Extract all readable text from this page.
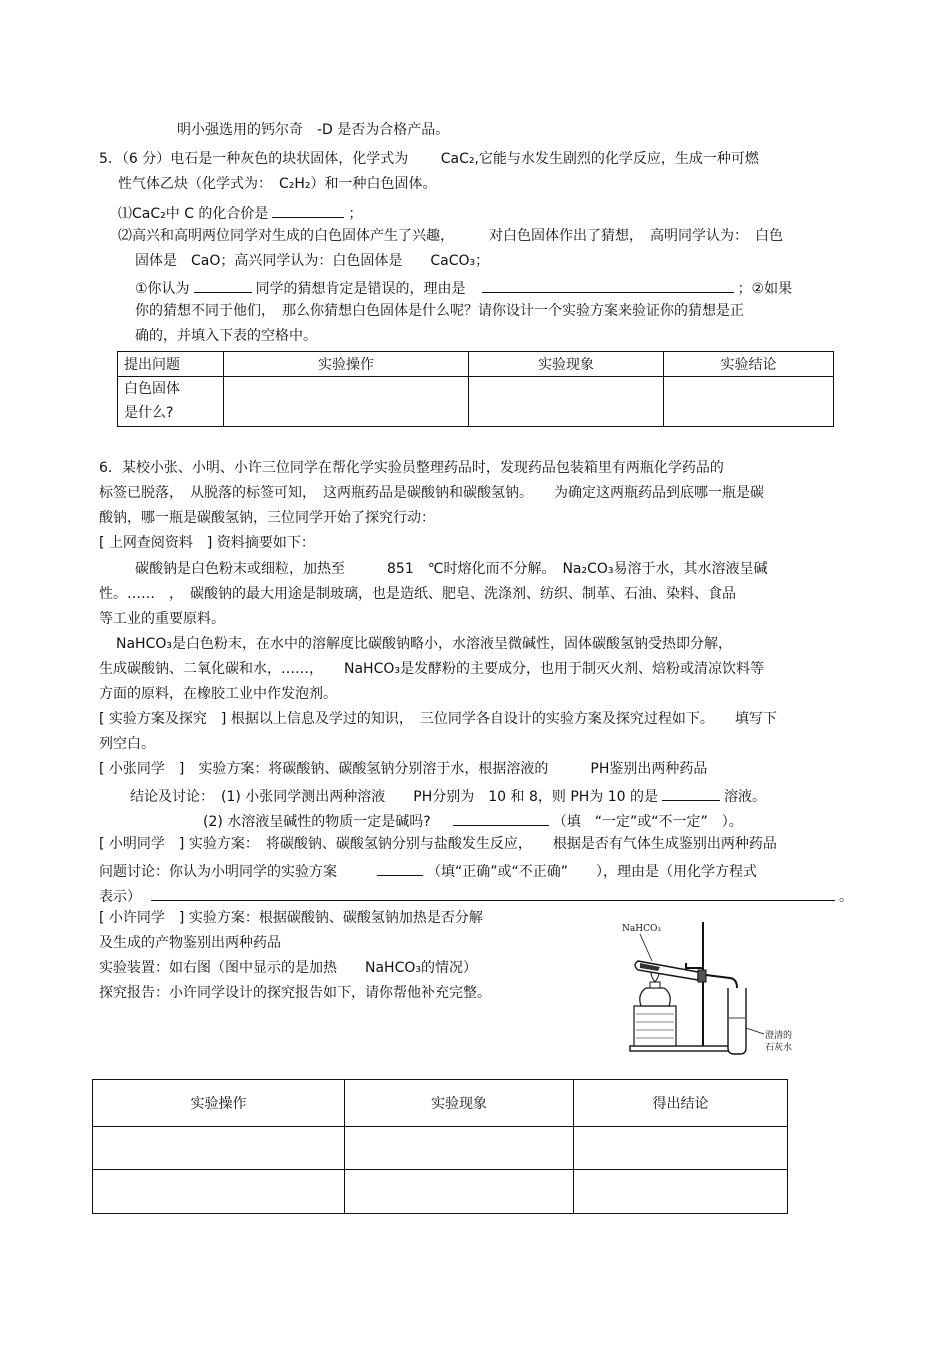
明小强选用的钙尔奇　-D 是否为合格产品。
5．（6 分）电石是一种灰色的块状固体，化学式为　　 CaC₂,它能与水发生剧烈的化学反应，生成一种可燃
性气体乙炔（化学式为：　C₂H₂）和一种白色固体。
⑴CaC₂中 C 的化合价是	；
⑵高兴和高明两位同学对生成的白色固体产生了兴趣，　　　对白色固体作出了猜想，　高明同学认为：　白色
固体是　CaO；高兴同学认为：白色固体是　　CaCO₃；
①你认为	同学的猜想肯定是错误的，理由是	；②如果
你的猜想不同于他们，　那么你猜想白色固体是什么呢？请你设计一个实验方案来验证你的猜想是正
确的，并填入下表的空格中。
提出问题	实验操作	实验现象	实验结论

白色固体
是什么?			

6．某校小张、小明、小许三位同学在帮化学实验员整理药品时，发现药品包装箱里有两瓶化学药品的
标签已脱落，　从脱落的标签可知，　这两瓶药品是碳酸钠和碳酸氢钠。　　为确定这两瓶药品到底哪一瓶是碳
酸钠，哪一瓶是碳酸氢钠，三位同学开始了探究行动：
[ 上网查阅资料　] 资料摘要如下：
碳酸钠是白色粉末或细粒，加热至　　　851　℃时熔化而不分解。　Na₂CO₃易溶于水，其水溶液呈碱
性。……　，　碳酸钠的最大用途是制玻璃，也是造纸、肥皂、洗涤剂、纺织、制革、石油、染料、食品
等工业的重要原料。
NaHCO₃是白色粉末，在水中的溶解度比碳酸钠略小，水溶液呈微碱性，固体碳酸氢钠受热即分解，
生成碳酸钠、二氧化碳和水，……，　　NaHCO₃是发酵粉的主要成分，也用于制灭火剂、焙粉或清凉饮料等
方面的原料，在橡胶工业中作发泡剂。
[ 实验方案及探究　] 根据以上信息及学过的知识，　三位同学各自设计的实验方案及探究过程如下。　　填写下
列空白。
[ 小张同学　]　实验方案：将碳酸钠、碳酸氢钠分别溶于水，根据溶液的　　　PH鉴别出两种药品
结论及讨论：　(1) 小张同学测出两种溶液　　PH分别为　10 和 8，则 PH为 10 的是	溶液。
(2) 水溶液呈碱性的物质一定是碱吗?	（填　“一定”或“不一定”　）。
[ 小明同学　] 实验方案：　将碳酸钠、碳酸氢钠分别与盐酸发生反应，　　根据是否有气体生成鉴别出两种药品
问题讨论：你认为小明同学的实验方案	（填“正确”或“不正确”　　），理由是（用化学方程式
表示）	。
[ 小许同学　] 实验方案：根据碳酸钠、碳酸氢钠加热是否分解
及生成的产物鉴别出两种药品
实验装置：如右图（图中显示的是加热　　NaHCO₃的情况）
探究报告：小许同学设计的探究报告如下，请你帮他补充完整。
NaHCO₃
澄清的
石灰水
实验操作	实验现象	得出结论
